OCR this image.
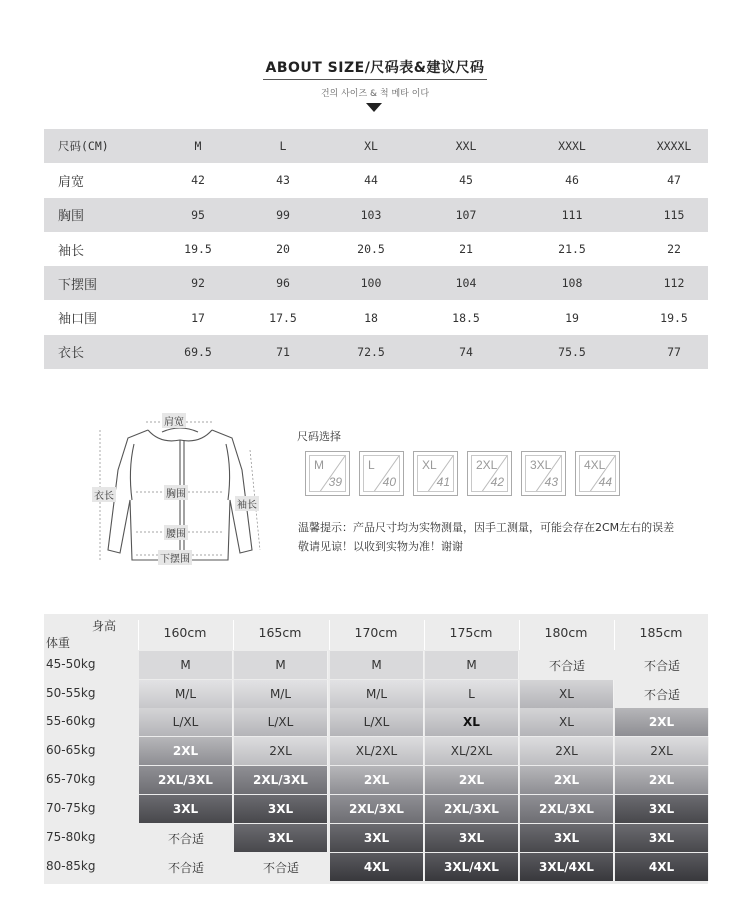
ABOUT SIZE/尺码表&建议尺码
건의 사이즈 & 척 메타 이다
尺码(CM)	M	L	XL	XXL	XXXL	XXXXL
肩宽	42	43	44	45	46	47
胸围	95	99	103	107	111	115
袖长	19.5	20	20.5	21	21.5	22
下摆围	92	96	100	104	108	112
袖口围	17	17.5	18	18.5	19	19.5
衣长	69.5	71	72.5	74	75.5	77
肩宽
胸围
衣长
袖长
腰围
下摆围
尺码选择
M
39
L
40
XL
41
2XL
42
3XL
43
4XL
44
温馨提示：产品尺寸均为实物测量，因手工测量，可能会存在2CM左右的误差
敬请见谅！以收到实物为准！谢谢
身高
体重
160cm	165cm	170cm	175cm	180cm	185cm
45-50kg	M	M	M	M	不合适	不合适
50-55kg	M/L	M/L	M/L	L	XL	不合适
55-60kg	L/XL	L/XL	L/XL	XL	XL	2XL
60-65kg	2XL	2XL	XL/2XL	XL/2XL	2XL	2XL
65-70kg	2XL/3XL	2XL/3XL	2XL	2XL	2XL	2XL
70-75kg	3XL	3XL	2XL/3XL	2XL/3XL	2XL/3XL	3XL
75-80kg	不合适	3XL	3XL	3XL	3XL	3XL
80-85kg	不合适	不合适	4XL	3XL/4XL	3XL/4XL	4XL
